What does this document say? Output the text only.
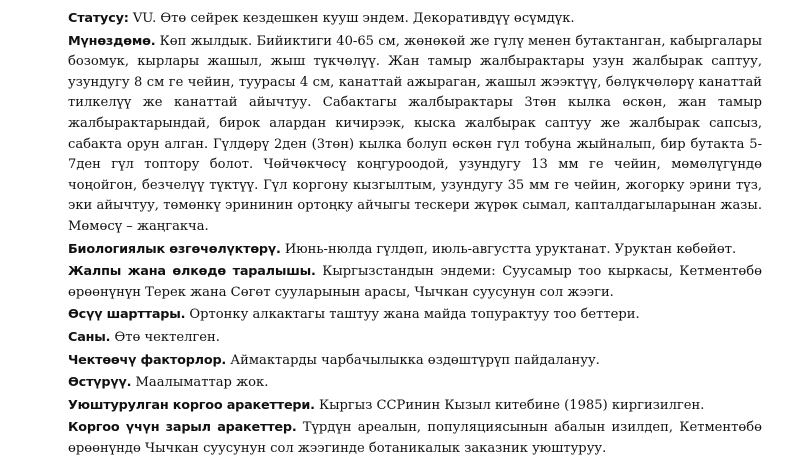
Статусу: VU. Өтө сейрек кездешкен кууш эндем. Декоративдүү өсүмдүк.

Мүнөздөмө. Көп жылдык. Бийиктиги 40-65 см, жөнөкөй же гүлү менен бутактанган, кабыргалары бозомук, кырлары жашыл, жыш түкчөлүү. Жан тамыр жалбырактары узун жалбырак саптуу, узундугу 8 см ге чейин, туурасы 4 см, канаттай ажыраган, жашыл жээктүү, бөлүкчөлөрү канаттай тилкелүү же канаттай айычтуу. Сабактагы жалбырактары 3төн кылка өскөн, жан тамыр жалбырактарындай, бирок алардан кичирээк, кыска жалбырак саптуу же жалбырак сапсыз, сабакта орун алган. Гүлдөрү 2ден (3төн) кылка болуп өскөн гүл тобуна жыйналып, бир бутакта 5-7ден гүл топтору болот. Чөйчөкчөсү коңгуроодой, узундугу 13 мм ге чейин, мөмөлүгүндө чоңойгон, безчелүү түктүү. Гүл коргону кызгылтым, узундугу 35 мм ге чейин, жогорку эрини түз, эки айычтуу, төмөнкү эрининин ортоңку айчыгы тескери жүрөк сымал, капталдагыларынан жазы. Мөмөсү – жаңгакча.

Биологиялык өзгөчөлүктөрү. Июнь-нюлда гүлдөп, июль-августта уруктанат. Уруктан көбөйөт.

Жалпы жана өлкөдө таралышы. Кыргызстандын эндеми: Суусамыр тоо кыркасы, Кетментөбө өрөөнүнүн Терек жана Сөгөт сууларынын арасы, Чычкан суусунун сол жээги.

Өсүү шарттары. Ортонку алкактагы таштуу жана майда топурактуу тоо беттери.

Саны. Өтө чектелген.

Чектөөчү факторлор. Аймактарды чарбачылыкка өздөштүрүп пайдалануу.

Өстүрүү. Маалыматтар жок.

Уюштурулган коргоо аракеттери. Кыргыз ССРинин Кызыл китебине (1985) киргизилген.

Коргоо үчүн зарыл аракеттер. Түрдүн ареалын, популяциясынын абалын изилдеп, Кетментөбө өрөөнүндө Чычкан суусунун сол жээгинде ботаникалык заказник уюштуруу.
